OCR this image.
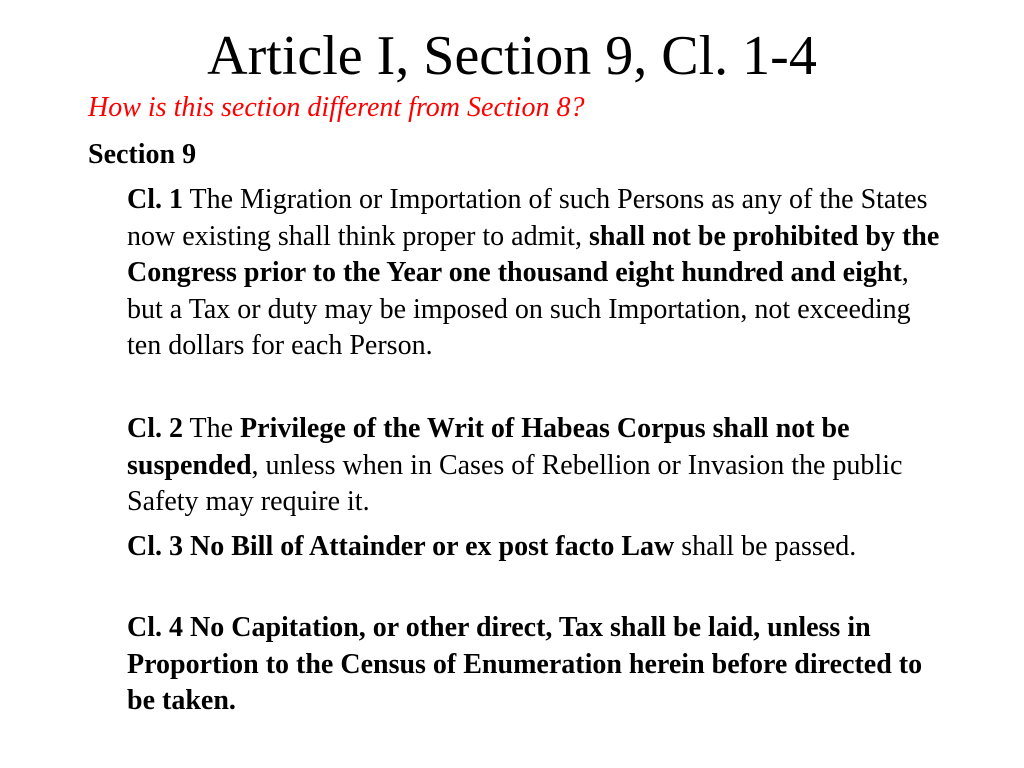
Article I, Section 9, Cl. 1-4
How is this section different from Section 8?
Section 9
Cl. 1 The Migration or Importation of such Persons as any of the States now existing shall think proper to admit, shall not be prohibited by the Congress prior to the Year one thousand eight hundred and eight, but a Tax or duty may be imposed on such Importation, not exceeding ten dollars for each Person.
Cl. 2 The Privilege of the Writ of Habeas Corpus shall not be suspended, unless when in Cases of Rebellion or Invasion the public Safety may require it.
Cl. 3 No Bill of Attainder or ex post facto Law shall be passed.
Cl. 4 No Capitation, or other direct, Tax shall be laid, unless in Proportion to the Census of Enumeration herein before directed to be taken.
